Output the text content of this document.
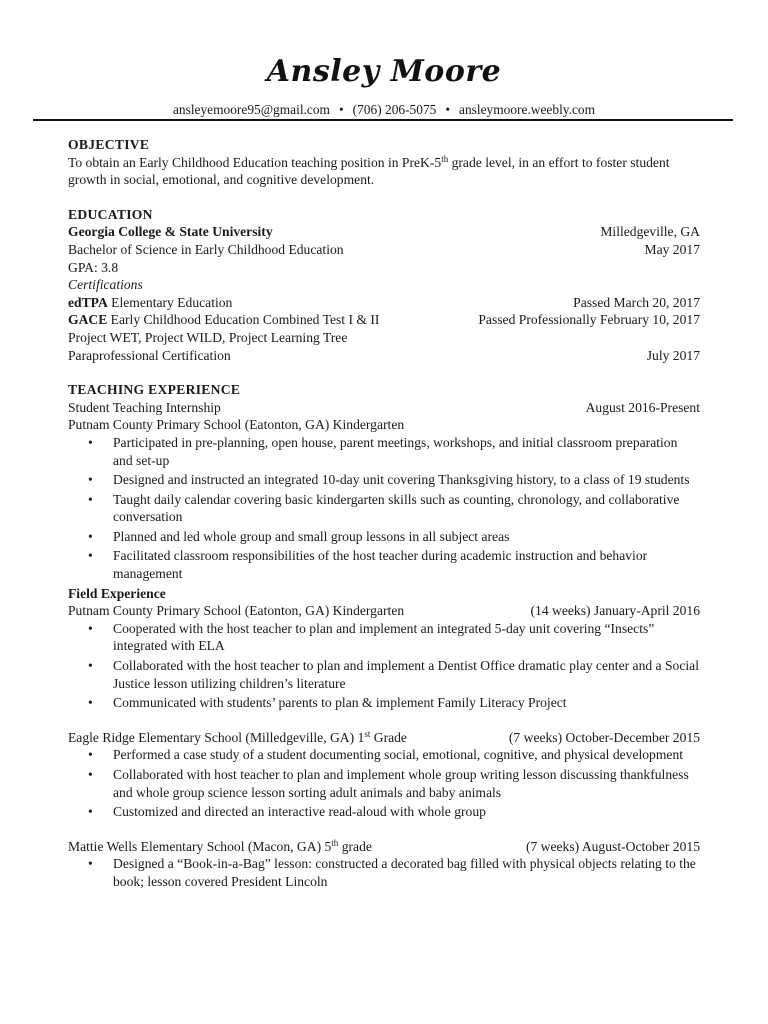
Ansley Moore
ansleyemoore95@gmail.com • (706) 206-5075 • ansleymoore.weebly.com
OBJECTIVE
To obtain an Early Childhood Education teaching position in PreK-5th grade level, in an effort to foster student growth in social, emotional, and cognitive development.
EDUCATION
Georgia College & State University	Milledgeville, GA
Bachelor of Science in Early Childhood Education	May 2017
GPA: 3.8
Certifications
edTPA Elementary Education	Passed March 20, 2017
GACE Early Childhood Education Combined Test I & II	Passed Professionally February 10, 2017
Project WET, Project WILD, Project Learning Tree
Paraprofessional Certification	July 2017
TEACHING EXPERIENCE
Student Teaching Internship	August 2016-Present
Putnam County Primary School (Eatonton, GA) Kindergarten
• Participated in pre-planning, open house, parent meetings, workshops, and initial classroom preparation and set-up
• Designed and instructed an integrated 10-day unit covering Thanksgiving history, to a class of 19 students
• Taught daily calendar covering basic kindergarten skills such as counting, chronology, and collaborative conversation
• Planned and led whole group and small group lessons in all subject areas
• Facilitated classroom responsibilities of the host teacher during academic instruction and behavior management
Field Experience
Putnam County Primary School (Eatonton, GA) Kindergarten	(14 weeks) January-April 2016
• Cooperated with the host teacher to plan and implement an integrated 5-day unit covering “Insects” integrated with ELA
• Collaborated with the host teacher to plan and implement a Dentist Office dramatic play center and a Social Justice lesson utilizing children’s literature
• Communicated with students’ parents to plan & implement Family Literacy Project
Eagle Ridge Elementary School (Milledgeville, GA) 1st Grade	(7 weeks) October-December 2015
• Performed a case study of a student documenting social, emotional, cognitive, and physical development
• Collaborated with host teacher to plan and implement whole group writing lesson discussing thankfulness and whole group science lesson sorting adult animals and baby animals
• Customized and directed an interactive read-aloud with whole group
Mattie Wells Elementary School (Macon, GA) 5th grade	(7 weeks) August-October 2015
• Designed a “Book-in-a-Bag” lesson: constructed a decorated bag filled with physical objects relating to the book; lesson covered President Lincoln
